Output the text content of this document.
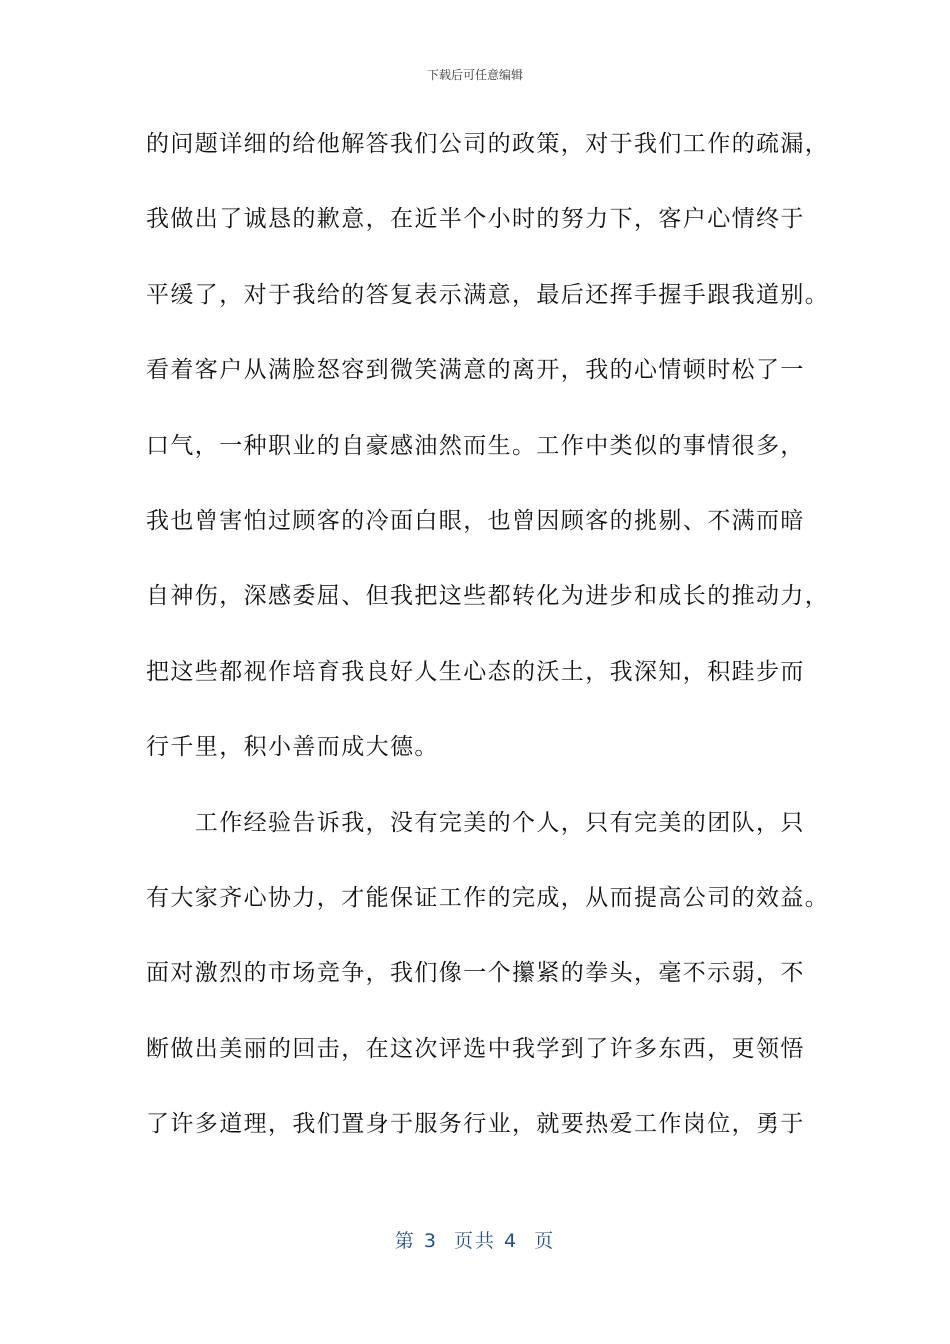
下载后可任意编辑
的问题详细的给他解答我们公司的政策，对于我们工作的疏漏，
我做出了诚恳的歉意，在近半个小时的努力下，客户心情终于
平缓了，对于我给的答复表示满意，最后还挥手握手跟我道别。
看着客户从满脸怒容到微笑满意的离开，我的心情顿时松了一
口气，一种职业的自豪感油然而生。工作中类似的事情很多，
我也曾害怕过顾客的冷面白眼，也曾因顾客的挑剔、不满而暗
自神伤，深感委屈、但我把这些都转化为进步和成长的推动力，
把这些都视作培育我良好人生心态的沃土，我深知，积跬步而
行千里，积小善而成大德。
　　工作经验告诉我，没有完美的个人，只有完美的团队，只
有大家齐心协力，才能保证工作的完成，从而提高公司的效益。
面对激烈的市场竞争，我们像一个攥紧的拳头，毫不示弱，不
断做出美丽的回击，在这次评选中我学到了许多东西，更领悟
了许多道理，我们置身于服务行业，就要热爱工作岗位，勇于
第 3  页共 4  页
